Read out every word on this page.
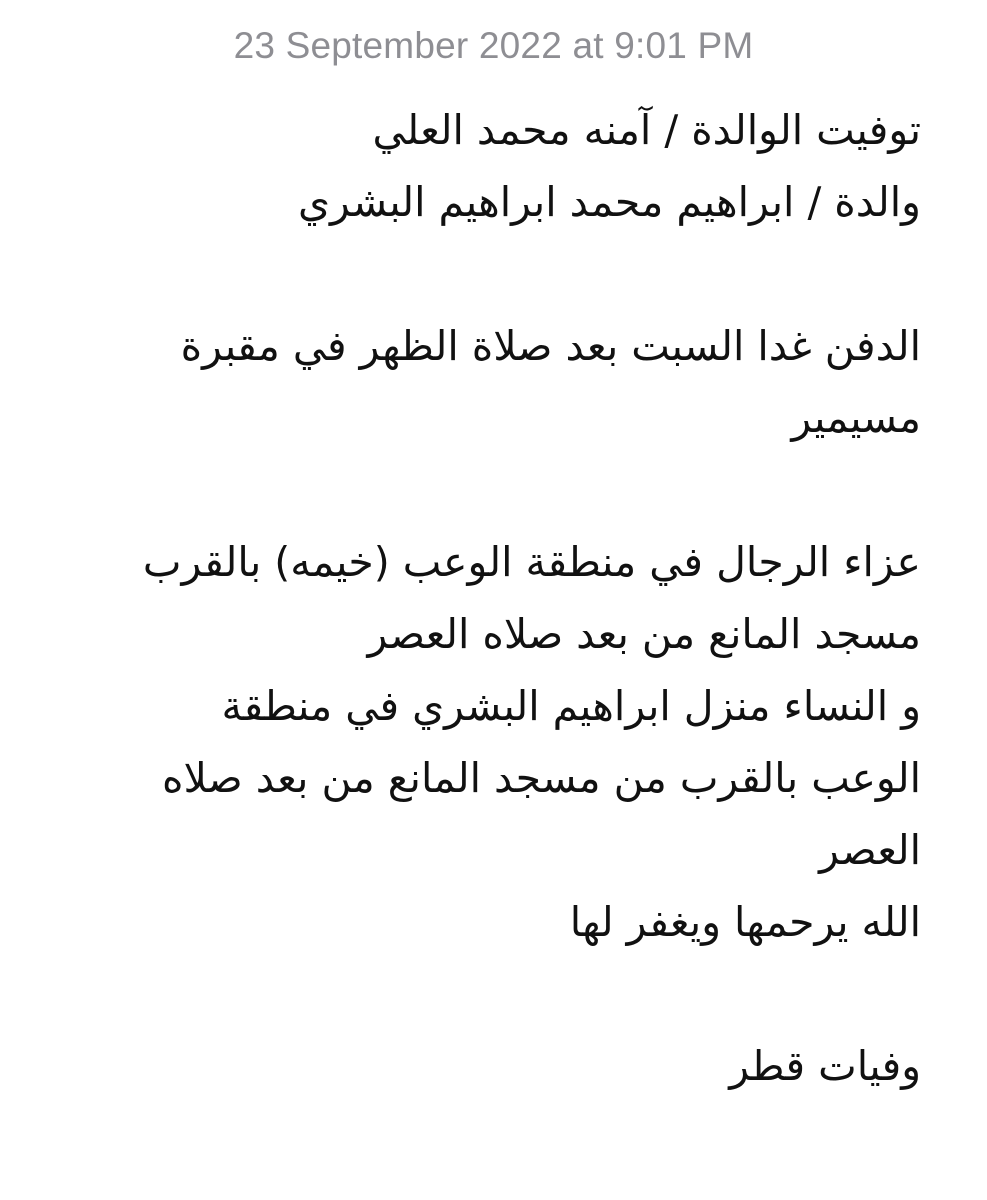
23 September 2022 at 9:01 PM
توفيت الوالدة / آمنه محمد العلي
والدة / ابراهيم محمد ابراهيم البشري
الدفن غدا السبت بعد صلاة الظهر في مقبرة
مسيمير
عزاء الرجال في منطقة الوعب (خيمه) بالقرب
مسجد المانع من بعد صلاه العصر
و النساء منزل ابراهيم البشري في منطقة
الوعب بالقرب من مسجد المانع من بعد صلاه
العصر
الله يرحمها ويغفر لها
وفيات قطر
